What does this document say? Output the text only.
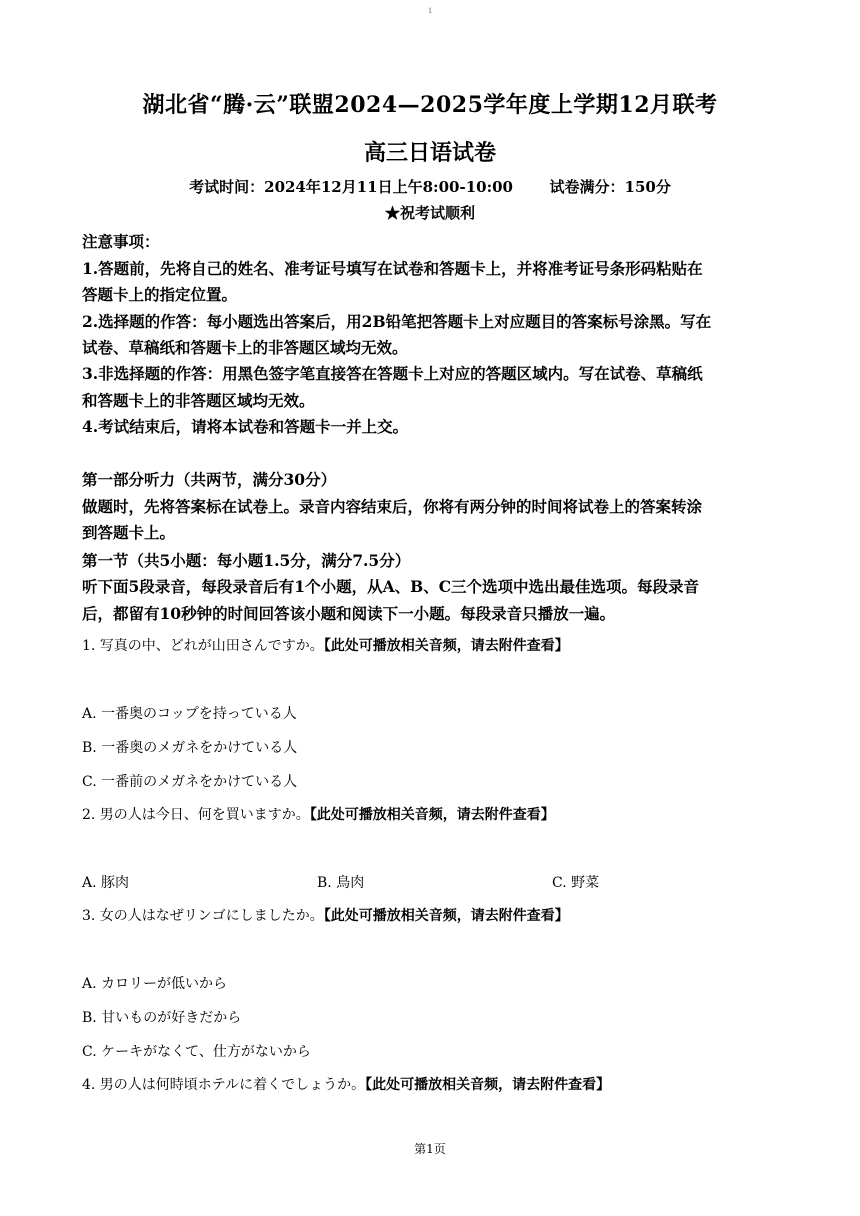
1
湖北省“腾·云”联盟2024—2025学年度上学期12月联考
高三日语试卷
考试时间：2024年12月11日上午8:00-10:00 试卷满分：150分
★祝考试顺利
注意事项：
1.答题前，先将自己的姓名、准考证号填写在试卷和答题卡上，并将准考证号条形码粘贴在
答题卡上的指定位置。
2.选择题的作答：每小题选出答案后，用2B铅笔把答题卡上对应题目的答案标号涂黑。写在
试卷、草稿纸和答题卡上的非答题区域均无效。
3.非选择题的作答：用黑色签字笔直接答在答题卡上对应的答题区域内。写在试卷、草稿纸
和答题卡上的非答题区域均无效。
4.考试结束后，请将本试卷和答题卡一并上交。
第一部分听力（共两节，满分30分）
做题时，先将答案标在试卷上。录音内容结束后，你将有两分钟的时间将试卷上的答案转涂
到答题卡上。
第一节（共5小题：每小题1.5分，满分7.5分）
听下面5段录音，每段录音后有1个小题，从A、B、C三个选项中选出最佳选项。每段录音
后，都留有10秒钟的时间回答该小题和阅读下一小题。每段录音只播放一遍。
1. 写真の中、どれが山田さんですか。【此处可播放相关音频，请去附件查看】
A. 一番奥のコップを持っている人
B. 一番奥のメガネをかけている人
C. 一番前のメガネをかけている人
2. 男の人は今日、何を買いますか。【此处可播放相关音频，请去附件查看】
A. 豚肉	B. 鳥肉	C. 野菜
3. 女の人はなぜリンゴにしましたか。【此处可播放相关音频，请去附件查看】
A. カロリーが低いから
B. 甘いものが好きだから
C. ケーキがなくて、仕方がないから
4. 男の人は何時頃ホテルに着くでしょうか。【此处可播放相关音频，请去附件查看】
第1页
